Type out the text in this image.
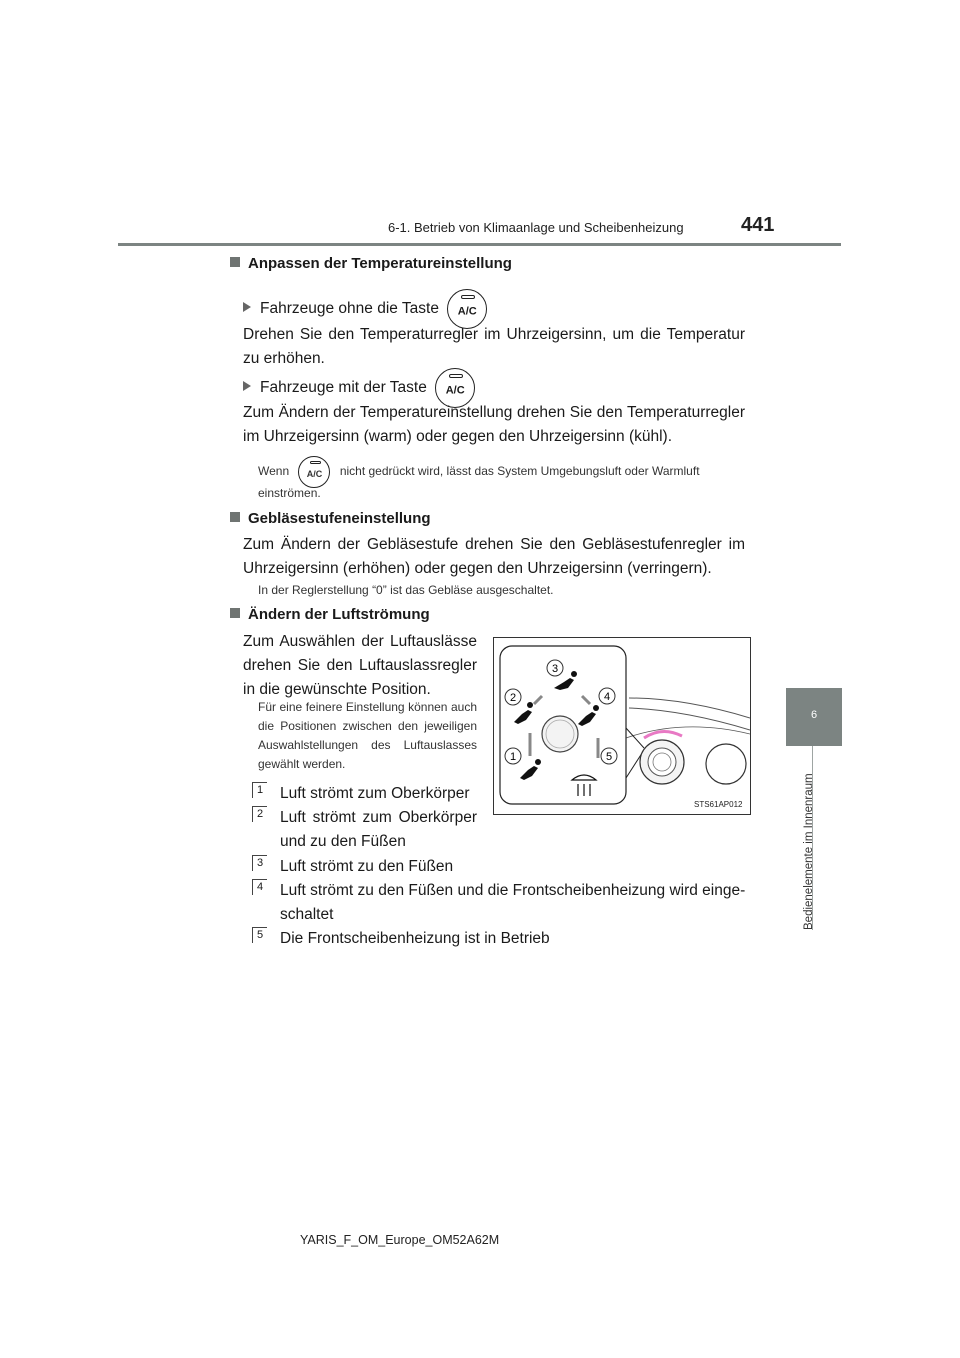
6-1. Betrieb von Klimaanlage und Scheibenheizung	441
6
Bedienelemente im Innenraum
Anpassen der Temperatureinstellung
Fahrzeuge ohne die Taste	A/C
Drehen Sie den Temperaturregler im Uhrzeigersinn, um die Temperatur zu erhöhen.
Fahrzeuge mit der Taste	A/C
Zum Ändern der Temperatureinstellung drehen Sie den Temperaturregler im Uhrzeigersinn (warm) oder gegen den Uhrzeigersinn (kühl).
Wenn	A/C	nicht gedrückt wird, lässt das System Umgebungsluft oder Warmluft
einströmen.
Gebläsestufeneinstellung
Zum Ändern der Gebläsestufe drehen Sie den Gebläsestufenregler im Uhrzeigersinn (erhöhen) oder gegen den Uhrzeigersinn (verringern).
In der Reglerstellung “0” ist das Gebläse ausgeschaltet.
Ändern der Luftströmung
Zum Auswählen der Luftauslässe drehen Sie den Luftauslassregler in die gewünschte Position.
Für eine feinere Einstellung können auch die Positionen zwischen den jeweiligen Auswahlstellungen des Luftauslasses gewählt werden.
1 Luft strömt zum Oberkörper
2 Luft strömt zum Oberkörper und zu den Füßen
3 Luft strömt zu den Füßen
4 Luft strömt zu den Füßen und die Frontscheibenheizung wird einge-schaltet
5 Die Frontscheibenheizung ist in Betrieb
3
2	4
1	5
STS61AP012
YARIS_F_OM_Europe_OM52A62M
